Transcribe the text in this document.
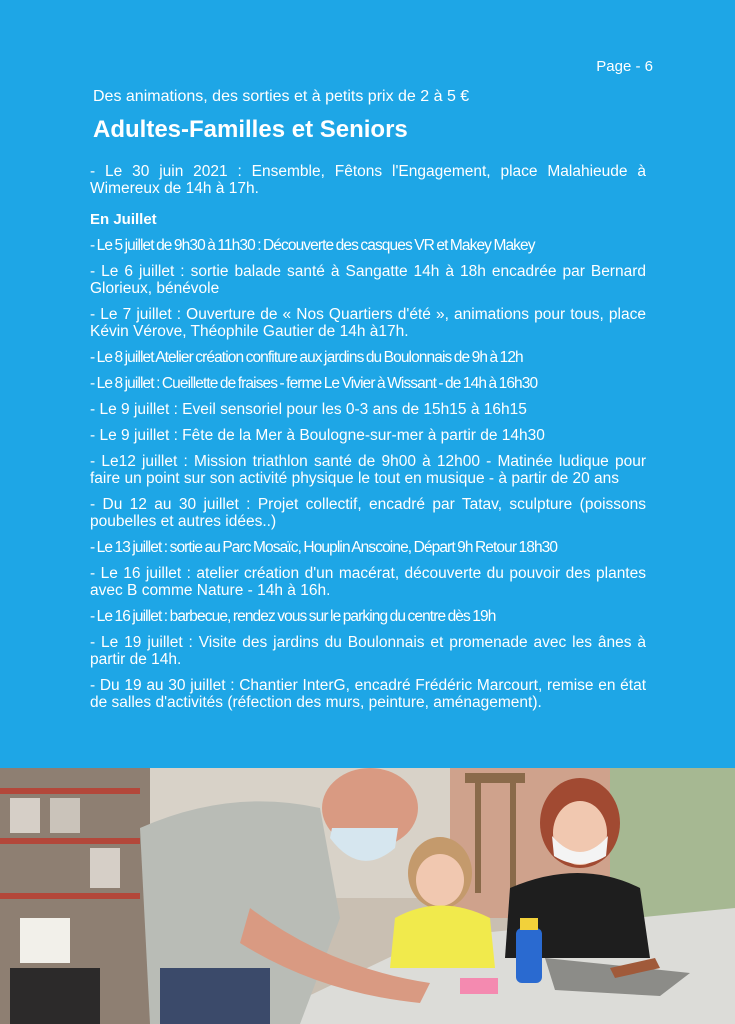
Page - 6
Des animations, des sorties et à petits prix de 2 à 5 €
Adultes-Familles et Seniors

- Le 30 juin 2021 : Ensemble, Fêtons l'Engagement, place Malahieude à Wimereux de 14h à 17h.

En Juillet

- Le 5 juillet de 9h30 à 11h30 : Découverte des casques VR et Makey Makey

- Le 6 juillet : sortie balade santé à Sangatte 14h à 18h encadrée par Bernard Glorieux, bénévole

- Le 7 juillet : Ouverture de « Nos Quartiers d'été », animations pour tous, place Kévin Vérove, Théophile Gautier de 14h à17h.

- Le 8 juillet Atelier création confiture aux jardins du Boulonnais de 9h à 12h

- Le 8 juillet : Cueillette de fraises - ferme Le Vivier à Wissant - de 14h à 16h30

- Le 9 juillet : Eveil sensoriel pour les 0-3 ans de 15h15 à 16h15

- Le 9 juillet : Fête de la Mer à Boulogne-sur-mer à partir de 14h30

- Le12 juillet : Mission triathlon santé de 9h00 à 12h00 - Matinée ludique pour faire un point sur son activité physique le tout en musique - à partir de 20 ans

- Du 12 au 30 juillet : Projet collectif, encadré par Tatav, sculpture (poissons poubelles et autres idées..)

- Le 13 juillet : sortie au Parc Mosaïc, Houplin Anscoine, Départ 9h Retour 18h30

- Le 16 juillet : atelier création d'un macérat, découverte du pouvoir des plantes avec B comme Nature - 14h à 16h.

- Le 16 juillet : barbecue, rendez vous sur le parking du centre dès 19h

- Le 19 juillet : Visite des jardins du Boulonnais et promenade avec les ânes à partir de 14h.

- Du 19 au 30 juillet : Chantier InterG, encadré Frédéric Marcourt, remise en état de salles d'activités (réfection des murs, peinture, aménagement).
